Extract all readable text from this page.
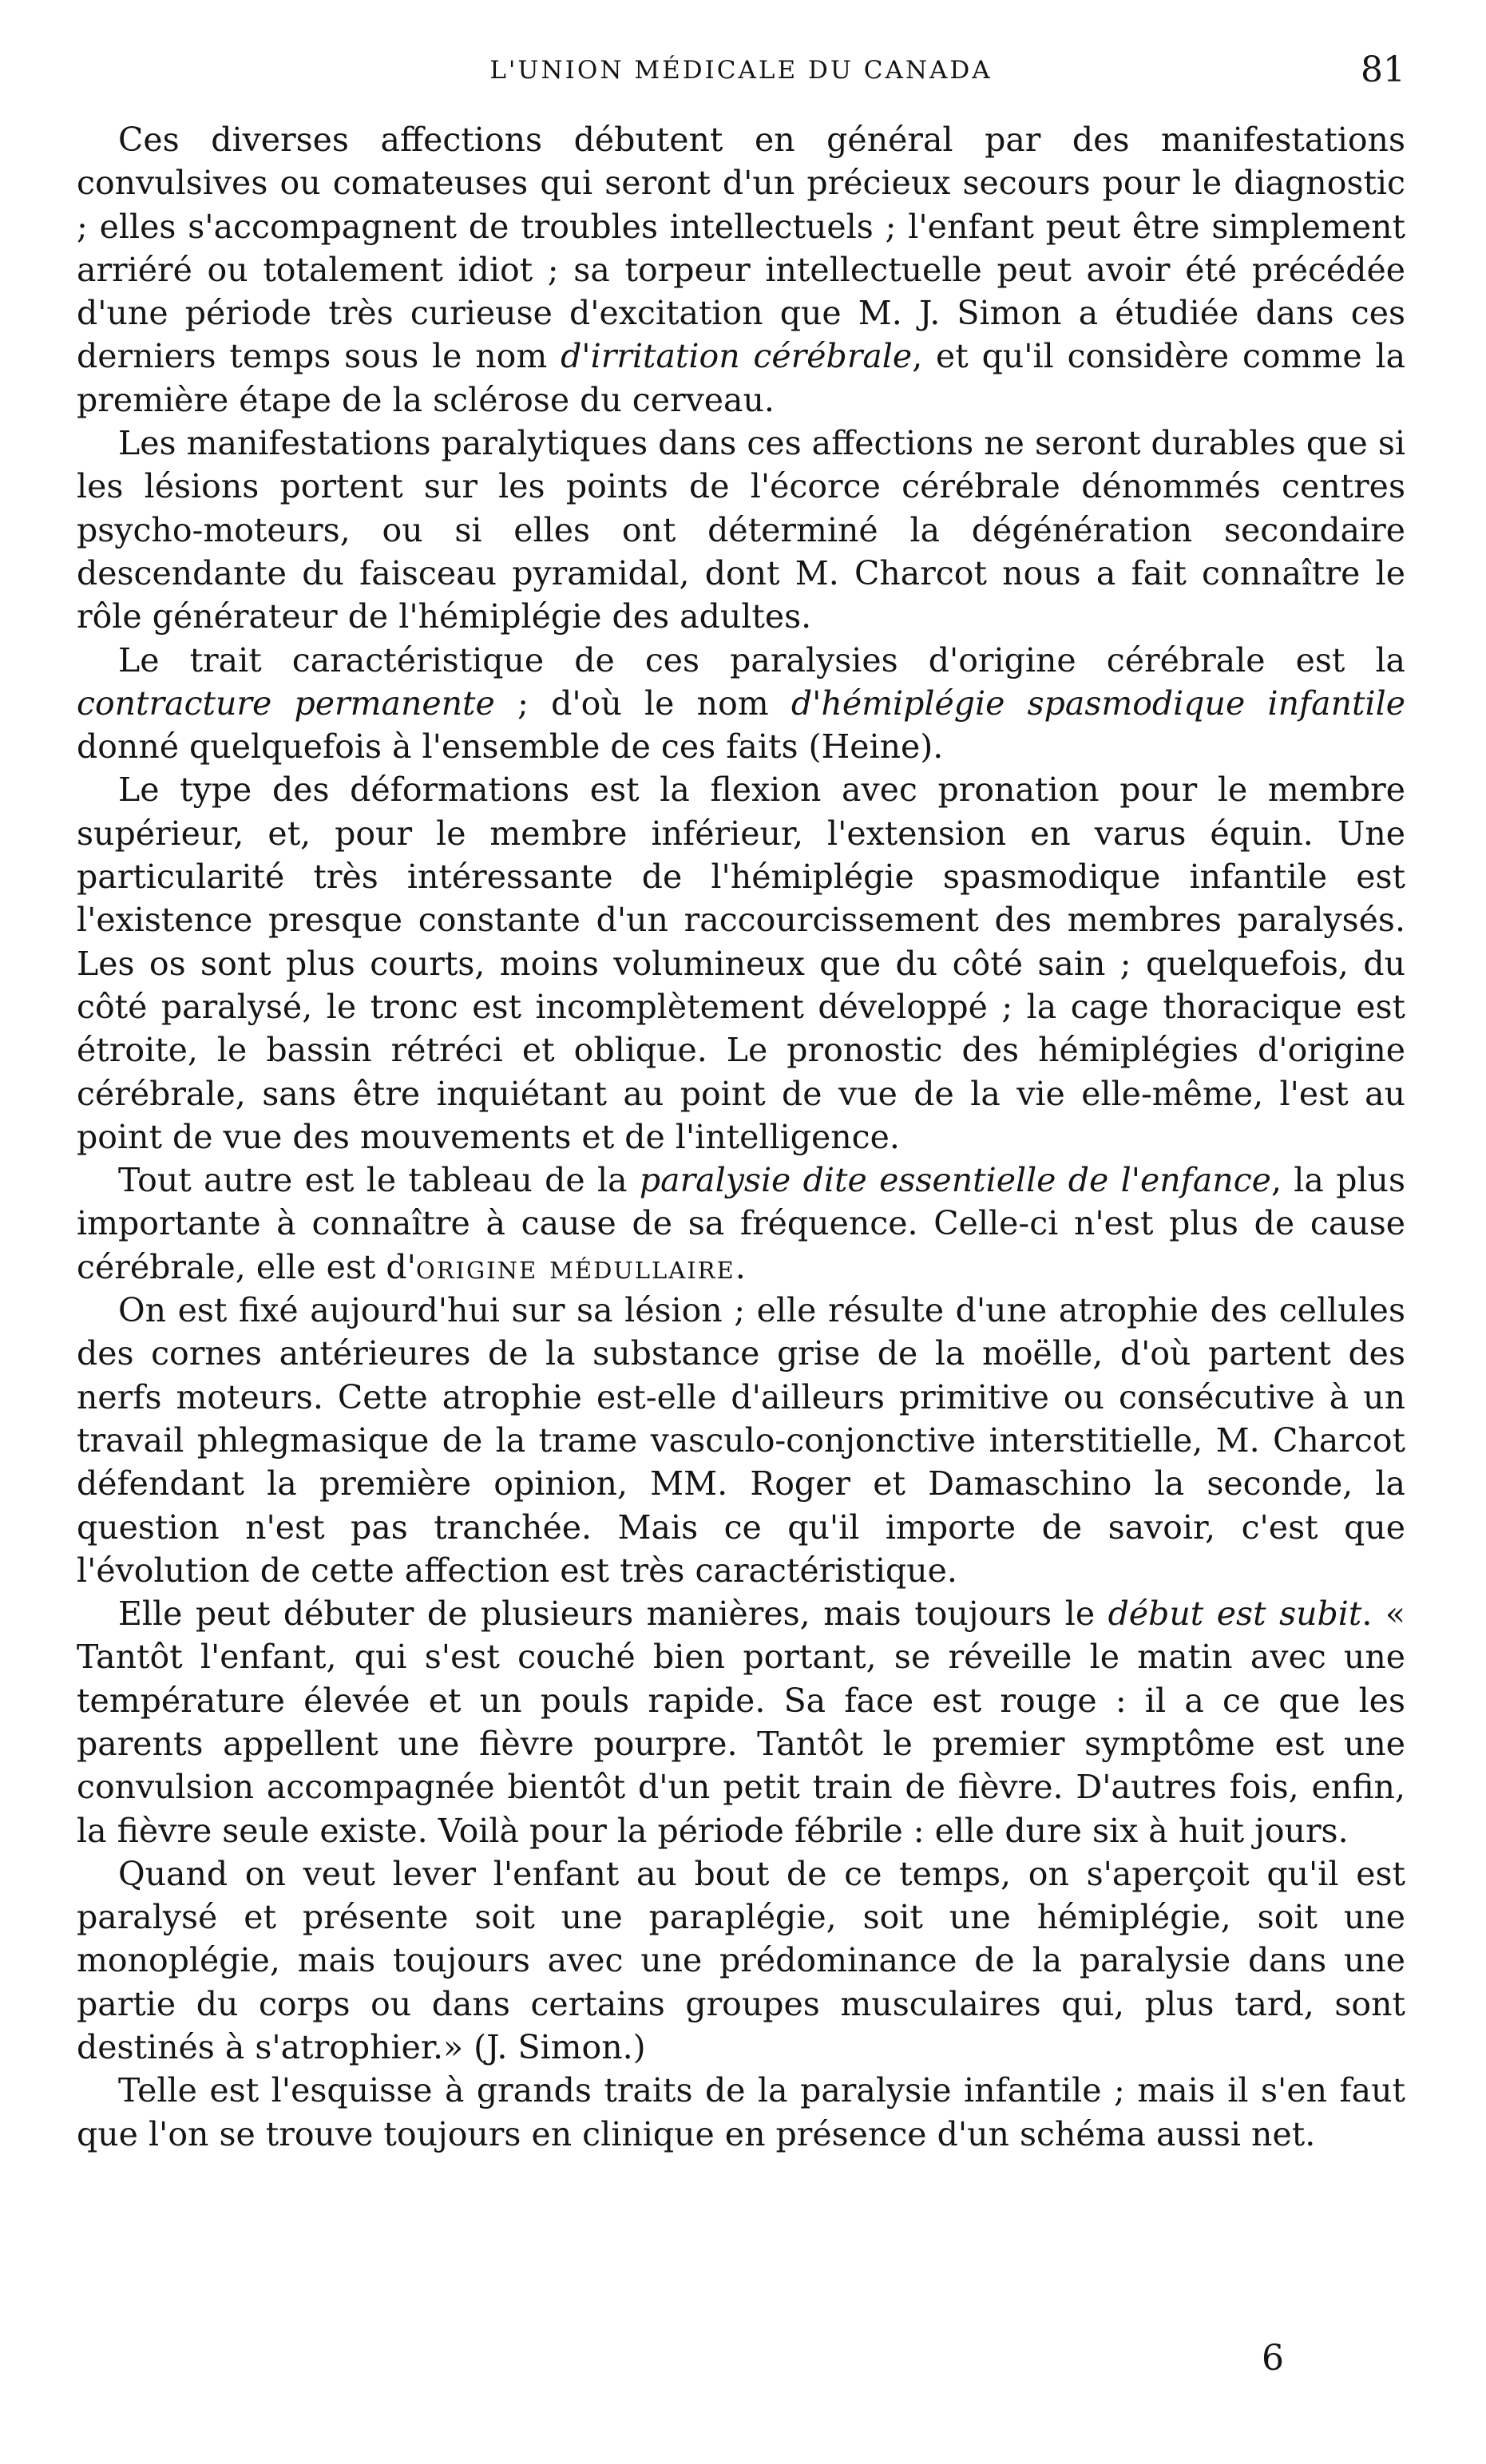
L'UNION MÉDICALE DU CANADA	81

Ces diverses affections débutent en général par des manifestations convulsives ou comateuses qui seront d'un précieux secours pour le diagnostic ; elles s'accompagnent de troubles intellectuels ; l'enfant peut être simplement arriéré ou totalement idiot ; sa torpeur intellectuelle peut avoir été précédée d'une période très curieuse d'excitation que M. J. Simon a étudiée dans ces derniers temps sous le nom d'irritation cérébrale, et qu'il considère comme la première étape de la sclérose du cerveau.

Les manifestations paralytiques dans ces affections ne seront durables que si les lésions portent sur les points de l'écorce cérébrale dénommés centres psycho-moteurs, ou si elles ont déterminé la dégénération secondaire descendante du faisceau pyramidal, dont M. Charcot nous a fait connaître le rôle générateur de l'hémiplégie des adultes.

Le trait caractéristique de ces paralysies d'origine cérébrale est la contracture permanente ; d'où le nom d'hémiplégie spasmodique infantile donné quelquefois à l'ensemble de ces faits (Heine).

Le type des déformations est la flexion avec pronation pour le membre supérieur, et, pour le membre inférieur, l'extension en varus équin. Une particularité très intéressante de l'hémiplégie spasmodique infantile est l'existence presque constante d'un raccourcissement des membres paralysés. Les os sont plus courts, moins volumineux que du côté sain ; quelquefois, du côté paralysé, le tronc est incomplètement développé ; la cage thoracique est étroite, le bassin rétréci et oblique. Le pronostic des hémiplégies d'origine cérébrale, sans être inquiétant au point de vue de la vie elle-même, l'est au point de vue des mouvements et de l'intelligence.

Tout autre est le tableau de la paralysie dite essentielle de l'enfance, la plus importante à connaître à cause de sa fréquence. Celle-ci n'est plus de cause cérébrale, elle est d'origine médullaire.

On est fixé aujourd'hui sur sa lésion ; elle résulte d'une atrophie des cellules des cornes antérieures de la substance grise de la moëlle, d'où partent des nerfs moteurs. Cette atrophie est-elle d'ailleurs primitive ou consécutive à un travail phlegmasique de la trame vasculo-conjonctive interstitielle, M. Charcot défendant la première opinion, MM. Roger et Damaschino la seconde, la question n'est pas tranchée. Mais ce qu'il importe de savoir, c'est que l'évolution de cette affection est très caractéristique.

Elle peut débuter de plusieurs manières, mais toujours le début est subit. « Tantôt l'enfant, qui s'est couché bien portant, se réveille le matin avec une température élevée et un pouls rapide. Sa face est rouge : il a ce que les parents appellent une fièvre pourpre. Tantôt le premier symptôme est une convulsion accompagnée bientôt d'un petit train de fièvre. D'autres fois, enfin, la fièvre seule existe. Voilà pour la période fébrile : elle dure six à huit jours.

Quand on veut lever l'enfant au bout de ce temps, on s'aperçoit qu'il est paralysé et présente soit une paraplégie, soit une hémiplégie, soit une monoplégie, mais toujours avec une prédominance de la paralysie dans une partie du corps ou dans certains groupes musculaires qui, plus tard, sont destinés à s'atrophier.» (J. Simon.)

Telle est l'esquisse à grands traits de la paralysie infantile ; mais il s'en faut que l'on se trouve toujours en clinique en présence d'un schéma aussi net.

6
